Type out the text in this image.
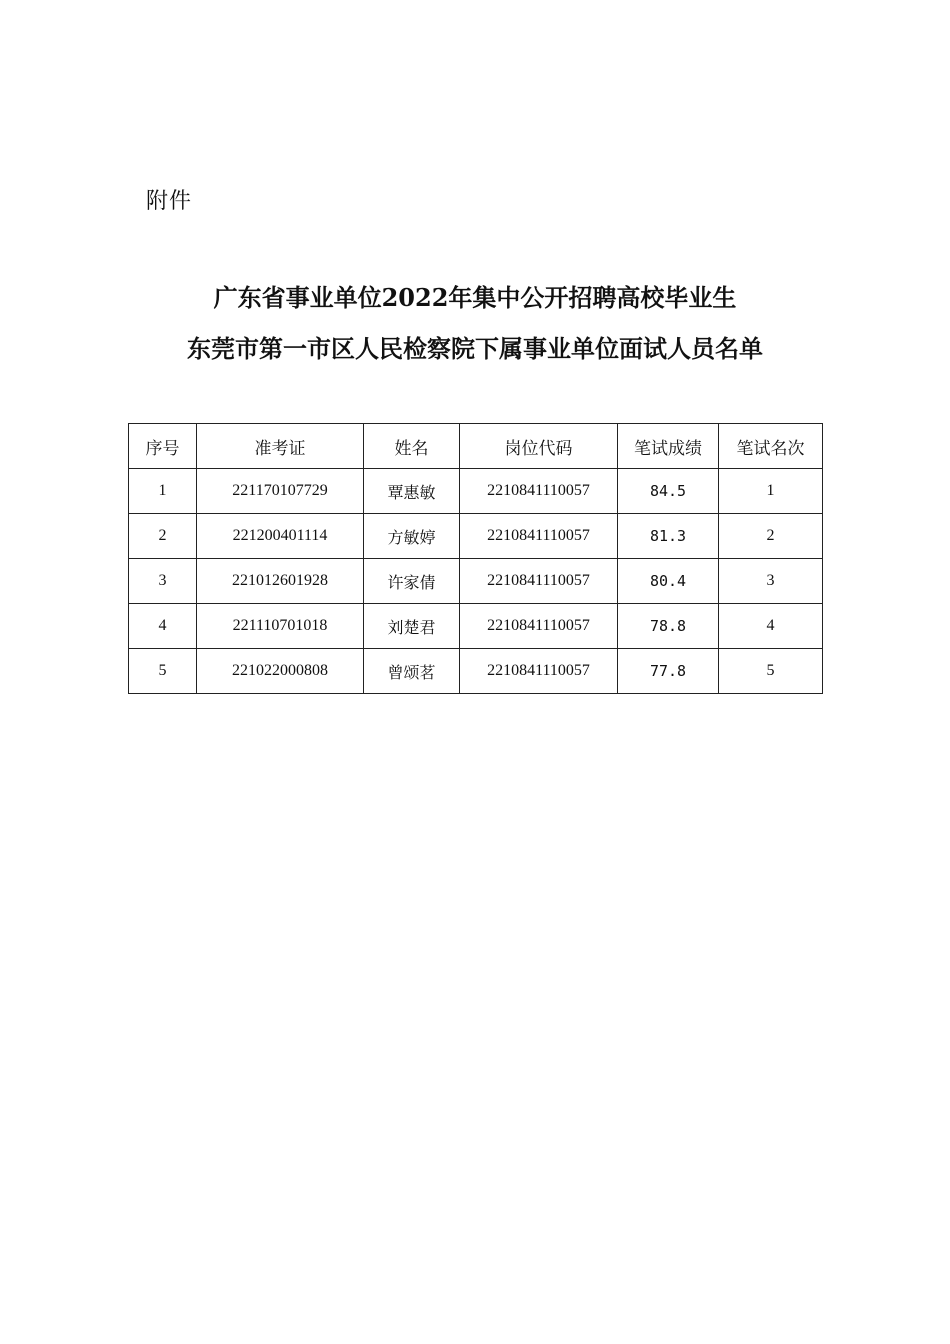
附件
广东省事业单位2022年集中公开招聘高校毕业生
东莞市第一市区人民检察院下属事业单位面试人员名单
序号	准考证	姓名	岗位代码	笔试成绩	笔试名次
1	221170107729	覃惠敏	2210841110057	84.5	1
2	221200401114	方敏婷	2210841110057	81.3	2
3	221012601928	许家倩	2210841110057	80.4	3
4	221110701018	刘楚君	2210841110057	78.8	4
5	221022000808	曾颂茗	2210841110057	77.8	5
